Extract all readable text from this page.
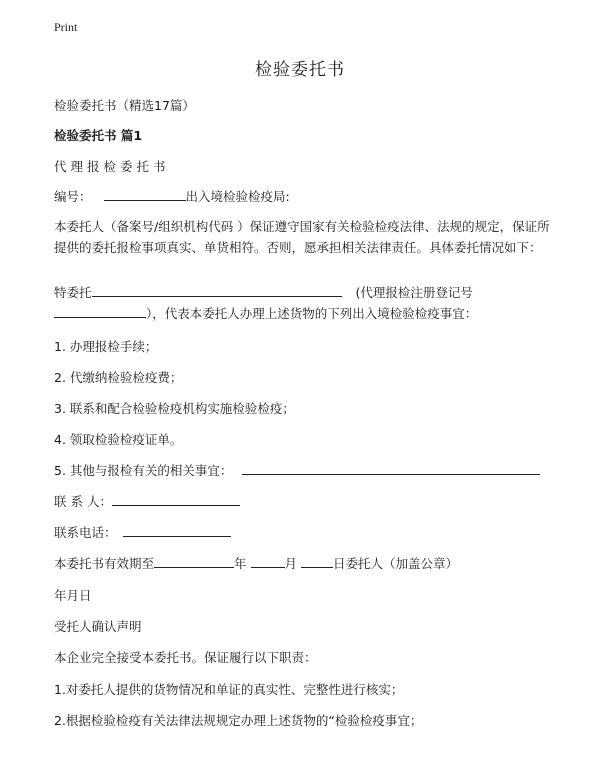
Print
检验委托书
检验委托书（精选17篇）
检验委托书 篇1
代理报检委托书
编号：	出入境检验检疫局:
本委托人（备案号/组织机构代码 ）保证遵守国家有关检验检疫法律、法规的规定，保证所提供的委托报检事项真实、单货相符。否则，愿承担相关法律责任。具体委托情况如下：
特委托	(代理报检注册登记号
），代表本委托人办理上述货物的下列出入境检验检疫事宜：
1. 办理报检手续；
2. 代缴纳检验检疫费；
3. 联系和配合检验检疫机构实施检验检疫；
4. 领取检验检疫证单。
5. 其他与报检有关的相关事宜：
联 系 人：
联系电话：
本委托书有效期至	年	月	日委托人（加盖公章）
年月日
受托人确认声明
本企业完全接受本委托书。保证履行以下职责：
1.对委托人提供的货物情况和单证的真实性、完整性进行核实；
2.根据检验检疫有关法律法规规定办理上述货物的“检验检疫事宜；
